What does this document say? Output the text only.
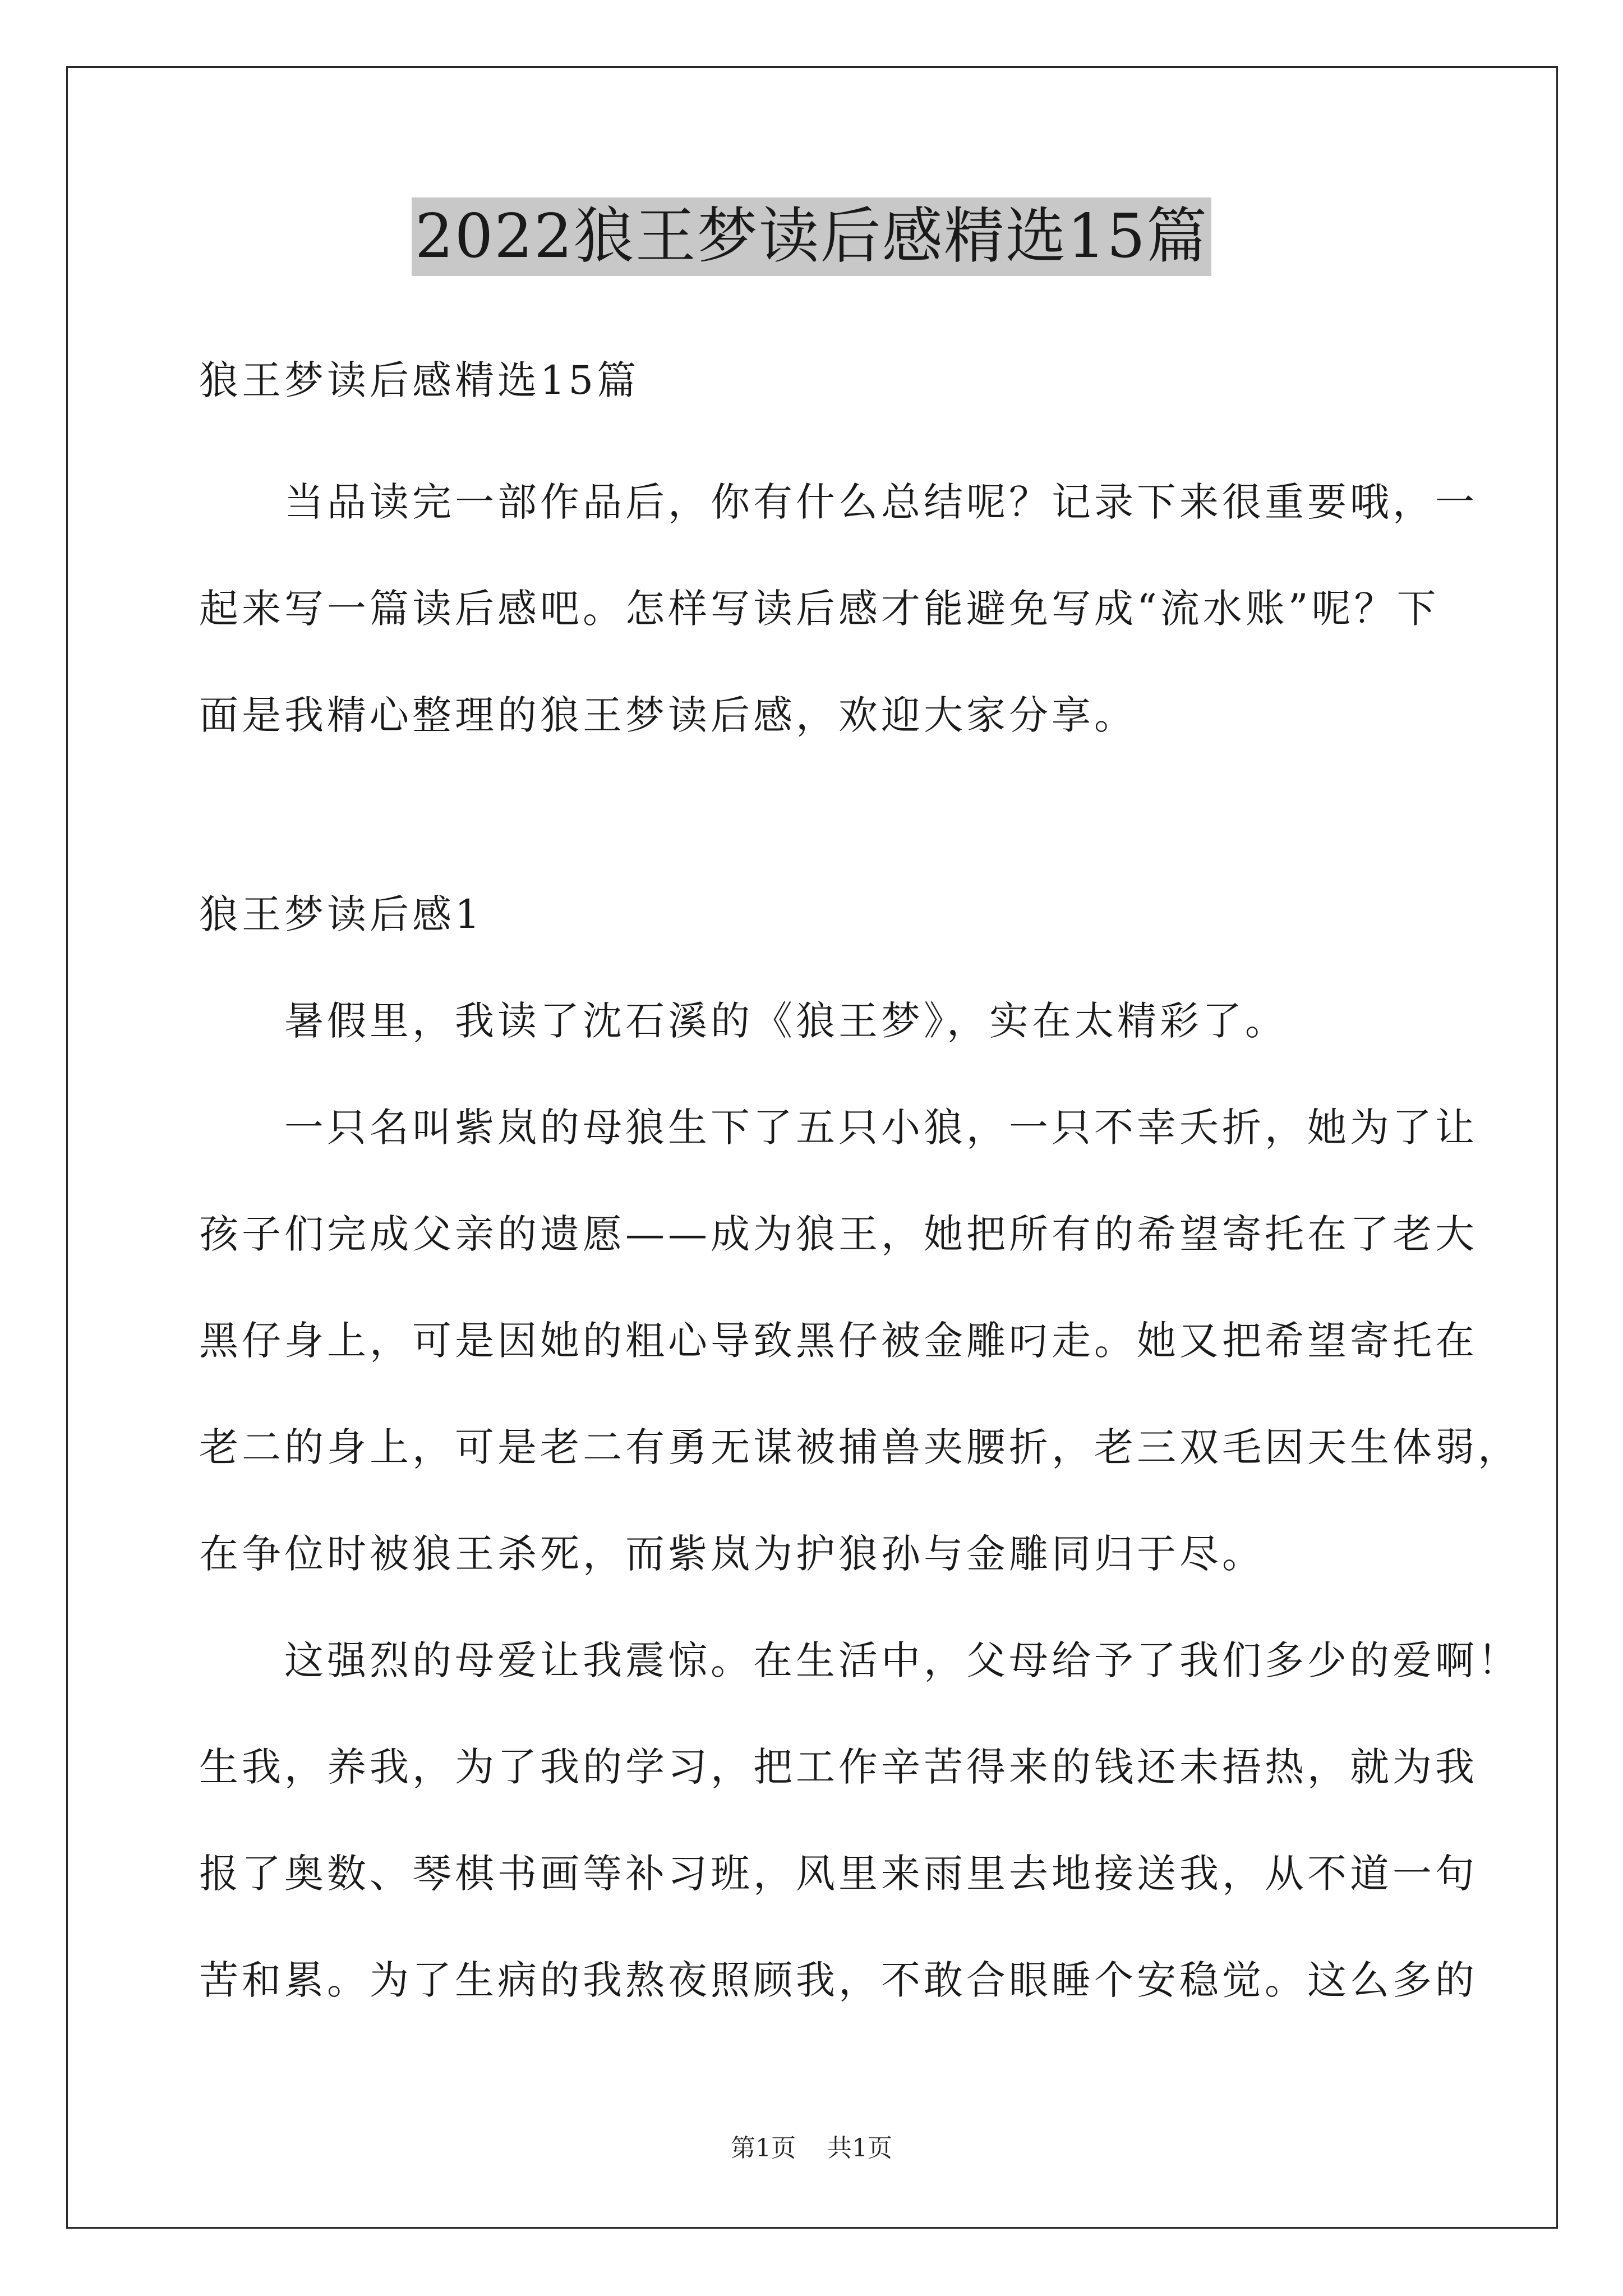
2022狼王梦读后感精选15篇
狼王梦读后感精选15篇

　　当品读完一部作品后，你有什么总结呢？记录下来很重要哦，一

起来写一篇读后感吧。怎样写读后感才能避免写成“流水账”呢？下

面是我精心整理的狼王梦读后感，欢迎大家分享。

狼王梦读后感1

　　暑假里，我读了沈石溪的《狼王梦》，实在太精彩了。

　　一只名叫紫岚的母狼生下了五只小狼，一只不幸夭折，她为了让

孩子们完成父亲的遗愿——成为狼王，她把所有的希望寄托在了老大

黑仔身上，可是因她的粗心导致黑仔被金雕叼走。她又把希望寄托在

老二的身上，可是老二有勇无谋被捕兽夹腰折，老三双毛因天生体弱，

在争位时被狼王杀死，而紫岚为护狼孙与金雕同归于尽。

　　这强烈的母爱让我震惊。在生活中，父母给予了我们多少的爱啊！

生我，养我，为了我的学习，把工作辛苦得来的钱还未捂热，就为我

报了奥数、琴棋书画等补习班，风里来雨里去地接送我，从不道一句

苦和累。为了生病的我熬夜照顾我，不敢合眼睡个安稳觉。这么多的

第1页 共1页
